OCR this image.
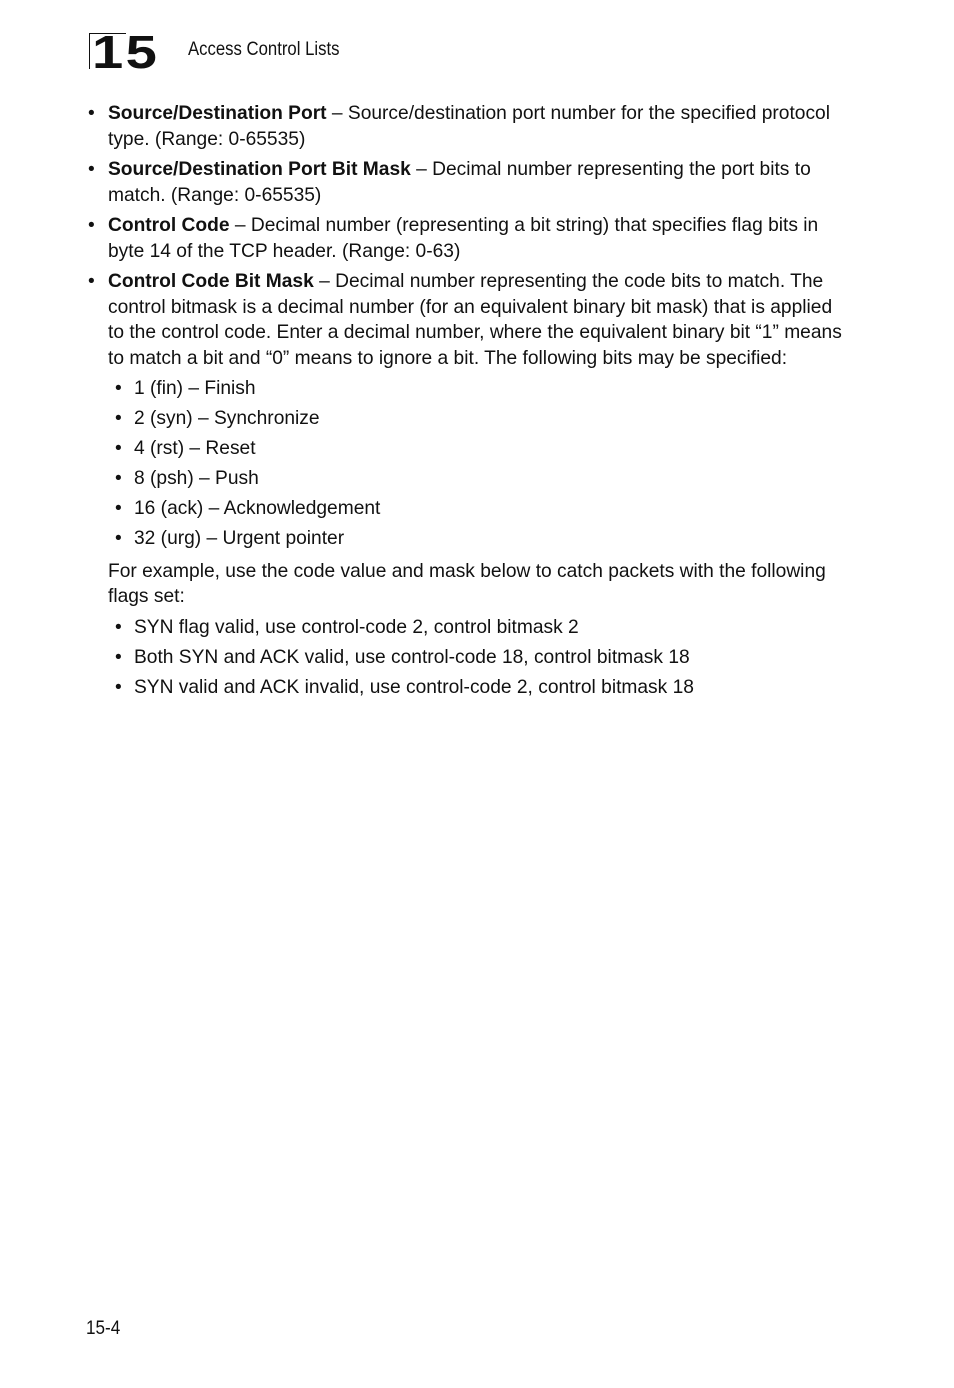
15 Access Control Lists
• Source/Destination Port – Source/destination port number for the specified protocol type. (Range: 0-65535)
• Source/Destination Port Bit Mask – Decimal number representing the port bits to match. (Range: 0-65535)
• Control Code – Decimal number (representing a bit string) that specifies flag bits in byte 14 of the TCP header. (Range: 0-63)
• Control Code Bit Mask – Decimal number representing the code bits to match. The control bitmask is a decimal number (for an equivalent binary bit mask) that is applied to the control code. Enter a decimal number, where the equivalent binary bit “1” means to match a bit and “0” means to ignore a bit. The following bits may be specified:
• 1 (fin) – Finish
• 2 (syn) – Synchronize
• 4 (rst) – Reset
• 8 (psh) – Push
• 16 (ack) – Acknowledgement
• 32 (urg) – Urgent pointer
For example, use the code value and mask below to catch packets with the following flags set:
• SYN flag valid, use control-code 2, control bitmask 2
• Both SYN and ACK valid, use control-code 18, control bitmask 18
• SYN valid and ACK invalid, use control-code 2, control bitmask 18
15-4
